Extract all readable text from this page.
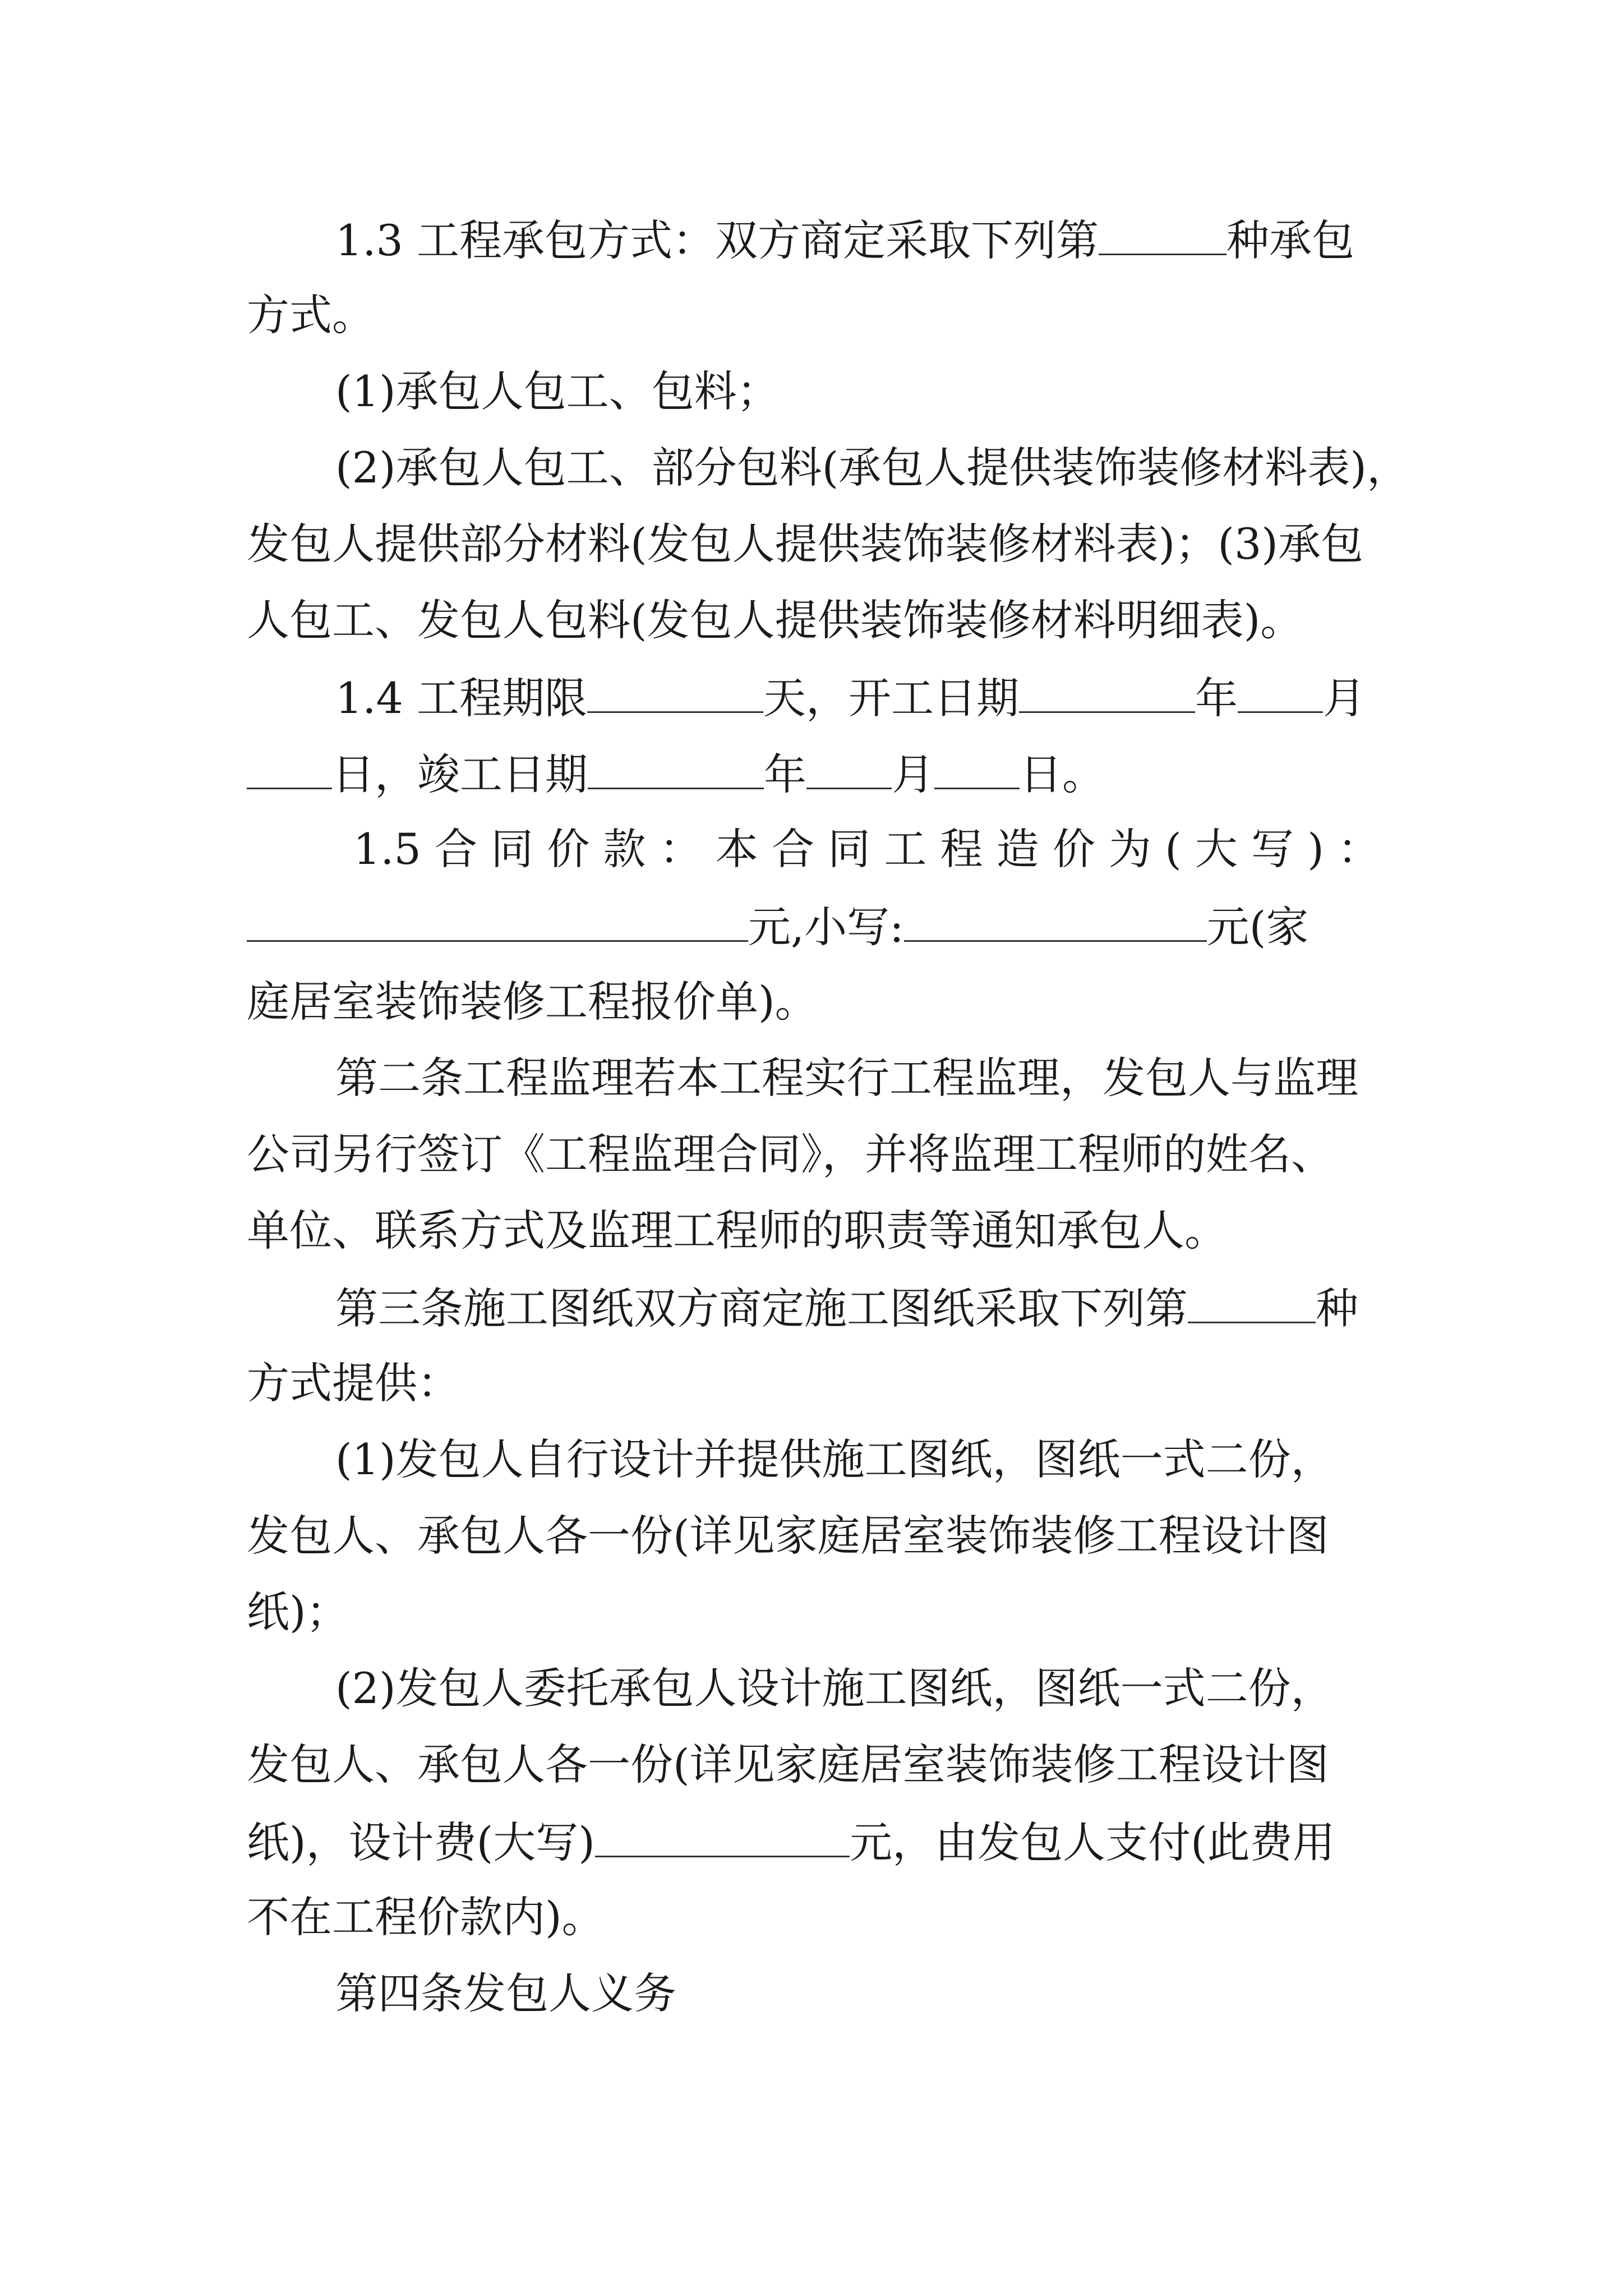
1.3 工程承包方式：双方商定采取下列第	种承包
方式。
(1)承包人包工、包料；
(2)承包人包工、部分包料(承包人提供装饰装修材料表)，
发包人提供部分材料(发包人提供装饰装修材料表)；(3)承包
人包工、发包人包料(发包人提供装饰装修材料明细表)。
1.4 工程期限	天，开工日期	年 月
日，竣工日期	年 月 日。
1.5 合 同 价 款 ： 本 合 同 工 程 造 价 为 ( 大 写 ) ：
元,小写:	元(家
庭居室装饰装修工程报价单)。
第二条工程监理若本工程实行工程监理，发包人与监理
公司另行签订《工程监理合同》，并将监理工程师的姓名、
单位、联系方式及监理工程师的职责等通知承包人。
第三条施工图纸双方商定施工图纸采取下列第	种
方式提供：
(1)发包人自行设计并提供施工图纸，图纸一式二份，
发包人、承包人各一份(详见家庭居室装饰装修工程设计图
纸)；
(2)发包人委托承包人设计施工图纸，图纸一式二份，
发包人、承包人各一份(详见家庭居室装饰装修工程设计图
纸)，设计费(大写)	元，由发包人支付(此费用
不在工程价款内)。
第四条发包人义务
